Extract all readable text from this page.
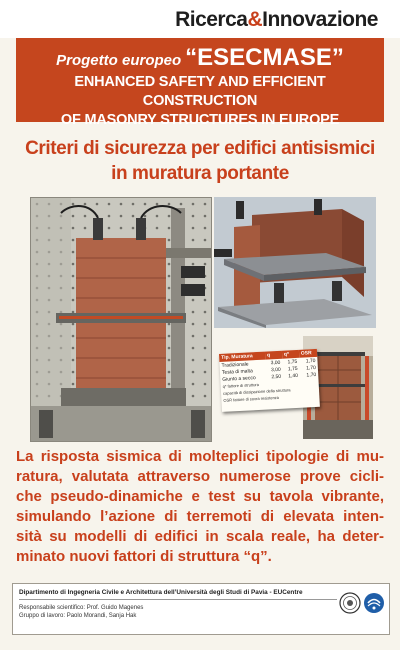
Ricerca&Innovazione
Progetto europeo “ESECMASE”
ENHANCED SAFETY AND EFFICIENT CONSTRUCTION
OF MASONRY STRUCTURES IN EUROPE
Criteri di sicurezza per edifici antisismici
in muratura portante
Tip. Muratura	q	q*	OSR
Tradizionale	3,00	1,75	1,70
Testa di malta	3,00	1,75	1,70
Giunto a secco	2,50	1,40	1,70
q* fattore di struttura
capacità di dissipazione della struttura
OSR fattore di sovra resistenza
La risposta sismica di molteplici tipologie di mu-
ratura, valutata attraverso numerose prove cicli-
che pseudo-dinamiche e test su tavola vibrante,
simulando l’azione di terremoti di elevata inten-
sità su modelli di edifici in scala reale, ha deter-
minato nuovi fattori di struttura “q”.
Dipartimento di Ingegneria Civile e Architettura dell’Università degli Studi di Pavia - EUCentre
Responsabile scientifico: Prof. Guido Magenes
Gruppo di lavoro: Paolo Morandi, Sanja Hak
